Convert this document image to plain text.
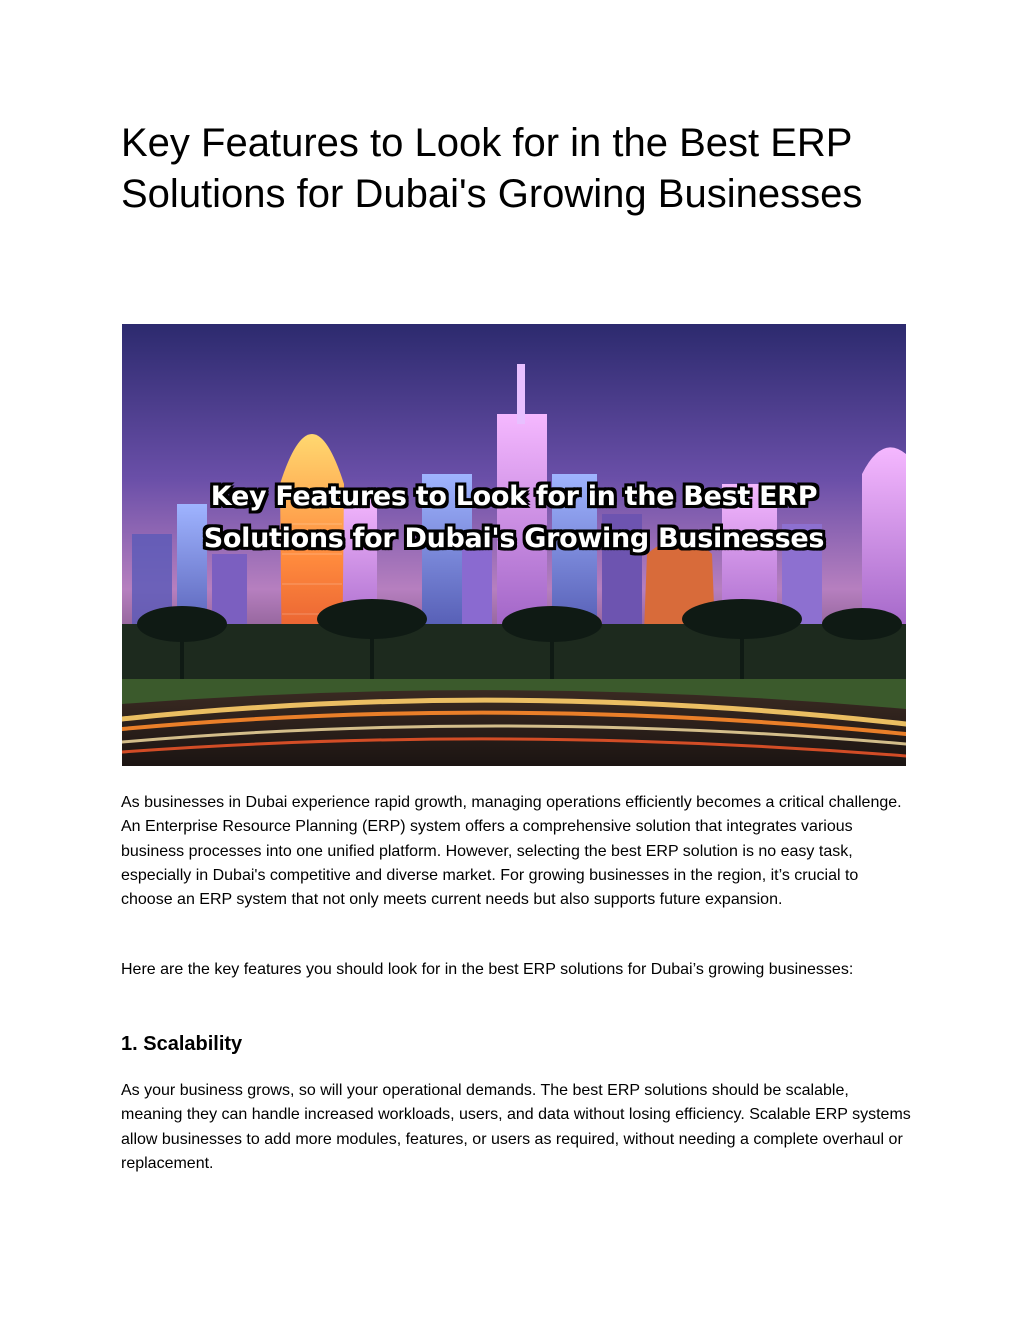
Key Features to Look for in the Best ERP Solutions for Dubai's Growing Businesses
Key Features to Look for in the Best ERP
Solutions for Dubai's Growing Businesses

As businesses in Dubai experience rapid growth, managing operations efficiently becomes a critical challenge. An Enterprise Resource Planning (ERP) system offers a comprehensive solution that integrates various business processes into one unified platform. However, selecting the best ERP solution is no easy task, especially in Dubai's competitive and diverse market. For growing businesses in the region, it’s crucial to choose an ERP system that not only meets current needs but also supports future expansion.

Here are the key features you should look for in the best ERP solutions for Dubai’s growing businesses:

1. Scalability

As your business grows, so will your operational demands. The best ERP solutions should be scalable, meaning they can handle increased workloads, users, and data without losing efficiency. Scalable ERP systems allow businesses to add more modules, features, or users as required, without needing a complete overhaul or replacement.
